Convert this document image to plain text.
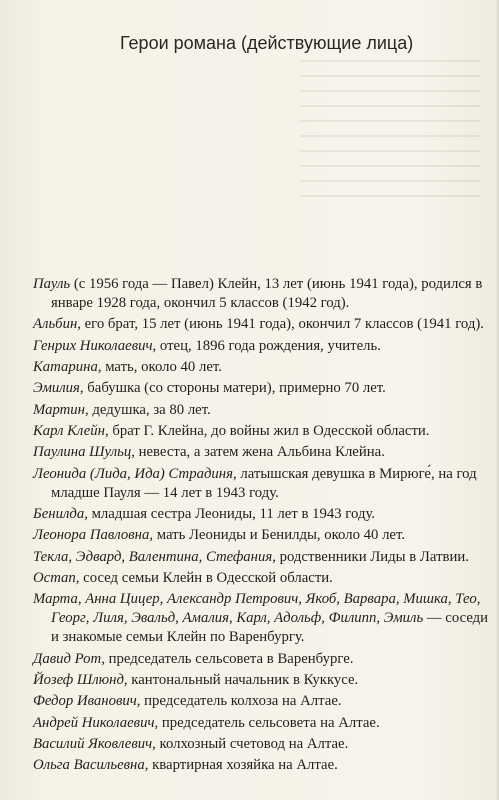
Герои романа (действующие лица)
Пауль (с 1956 года — Павел) Клейн, 13 лет (июнь 1941 года), родился в январе 1928 года, окончил 5 классов (1942 год).
Альбин, его брат, 15 лет (июнь 1941 года), окончил 7 классов (1941 год).
Генрих Николаевич, отец, 1896 года рождения, учитель.
Катарина, мать, около 40 лет.
Эмилия, бабушка (со стороны матери), примерно 70 лет.
Мартин, дедушка, за 80 лет.
Карл Клейн, брат Г. Клейна, до войны жил в Одесской области.
Паулина Шульц, невеста, а затем жена Альбина Клейна.
Леонида (Лида, Ида) Страдиня, латышская девушка в Мирюге́, на год младше Пауля — 14 лет в 1943 году.
Бенилда, младшая сестра Леониды, 11 лет в 1943 году.
Леонора Павловна, мать Леониды и Бенилды, около 40 лет.
Текла, Эдвард, Валентина, Стефания, родственники Лиды в Латвии.
Остап, сосед семьи Клейн в Одесской области.
Марта, Анна Цицер, Александр Петрович, Якоб, Варвара, Мишка, Тео, Георг, Лиля, Эвальд, Амалия, Карл, Адольф, Филипп, Эмиль — соседи и знакомые семьи Клейн по Варенбургу.
Давид Рот, председатель сельсовета в Варенбурге.
Йозеф Шлюнд, кантональный начальник в Куккусе.
Федор Иванович, председатель колхоза на Алтае.
Андрей Николаевич, председатель сельсовета на Алтае.
Василий Яковлевич, колхозный счетовод на Алтае.
Ольга Васильевна, квартирная хозяйка на Алтае.
